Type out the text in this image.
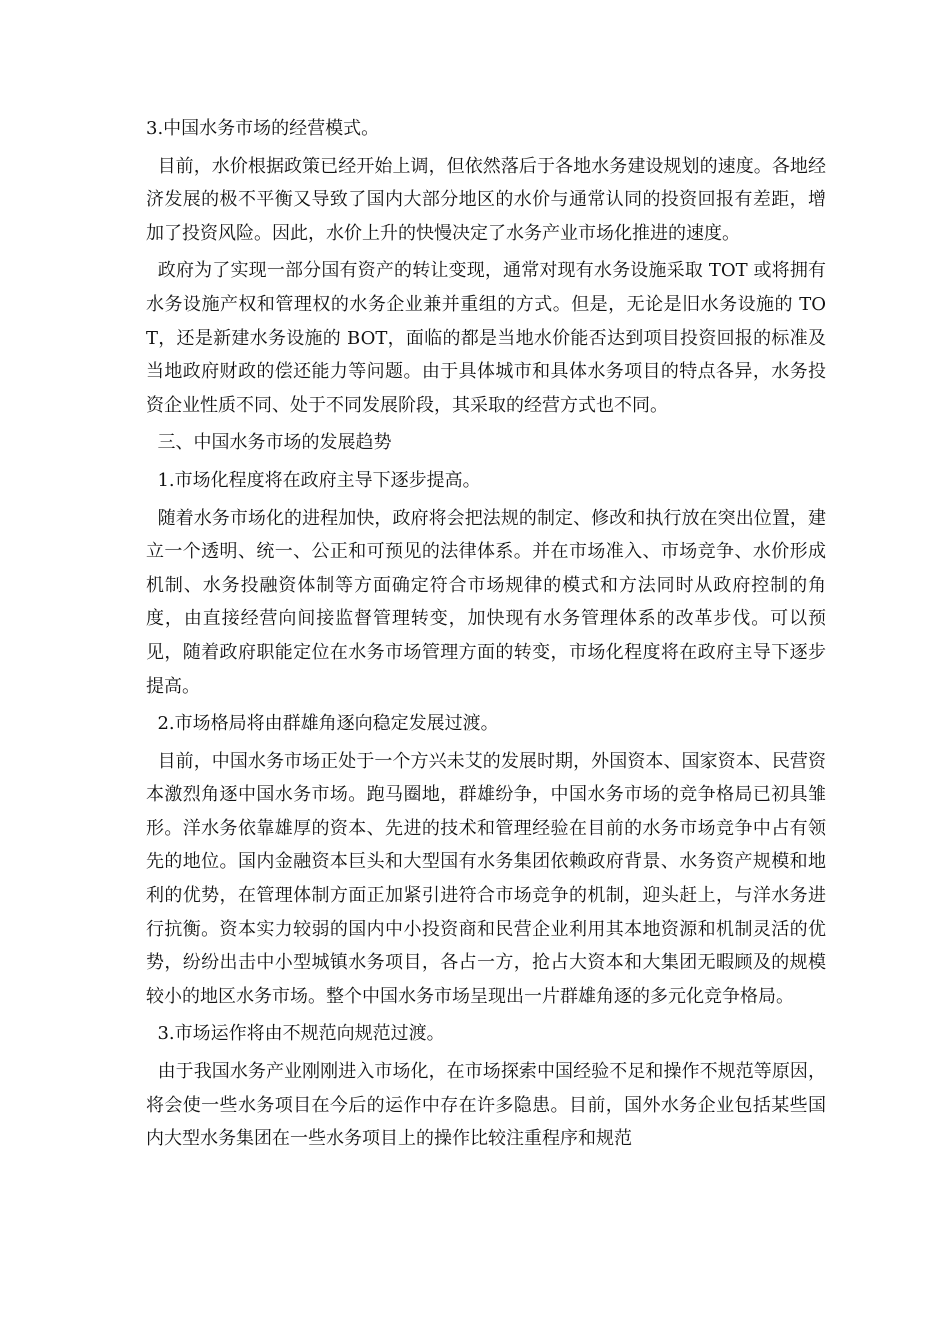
3.中国水务市场的经营模式。

目前，水价根据政策已经开始上调，但依然落后于各地水务建设规划的速度。各地经济发展的极不平衡又导致了国内大部分地区的水价与通常认同的投资回报有差距，增加了投资风险。因此，水价上升的快慢决定了水务产业市场化推进的速度。

政府为了实现一部分国有资产的转让变现，通常对现有水务设施采取 TOT 或将拥有水务设施产权和管理权的水务企业兼并重组的方式。但是，无论是旧水务设施的 TOT，还是新建水务设施的 BOT，面临的都是当地水价能否达到项目投资回报的标准及当地政府财政的偿还能力等问题。由于具体城市和具体水务项目的特点各异，水务投资企业性质不同、处于不同发展阶段，其采取的经营方式也不同。

三、中国水务市场的发展趋势

1.市场化程度将在政府主导下逐步提高。

随着水务市场化的进程加快，政府将会把法规的制定、修改和执行放在突出位置，建立一个透明、统一、公正和可预见的法律体系。并在市场准入、市场竞争、水价形成机制、水务投融资体制等方面确定符合市场规律的模式和方法同时从政府控制的角度，由直接经营向间接监督管理转变，加快现有水务管理体系的改革步伐。可以预见，随着政府职能定位在水务市场管理方面的转变，市场化程度将在政府主导下逐步提高。

2.市场格局将由群雄角逐向稳定发展过渡。

目前，中国水务市场正处于一个方兴未艾的发展时期，外国资本、国家资本、民营资本激烈角逐中国水务市场。跑马圈地，群雄纷争，中国水务市场的竞争格局已初具雏形。洋水务依靠雄厚的资本、先进的技术和管理经验在目前的水务市场竞争中占有领先的地位。国内金融资本巨头和大型国有水务集团依赖政府背景、水务资产规模和地利的优势，在管理体制方面正加紧引进符合市场竞争的机制，迎头赶上，与洋水务进行抗衡。资本实力较弱的国内中小投资商和民营企业利用其本地资源和机制灵活的优势，纷纷出击中小型城镇水务项目，各占一方，抢占大资本和大集团无暇顾及的规模较小的地区水务市场。整个中国水务市场呈现出一片群雄角逐的多元化竞争格局。

3.市场运作将由不规范向规范过渡。

由于我国水务产业刚刚进入市场化，在市场探索中国经验不足和操作不规范等原因，将会使一些水务项目在今后的运作中存在许多隐患。目前，国外水务企业包括某些国内大型水务集团在一些水务项目上的操作比较注重程序和规范
